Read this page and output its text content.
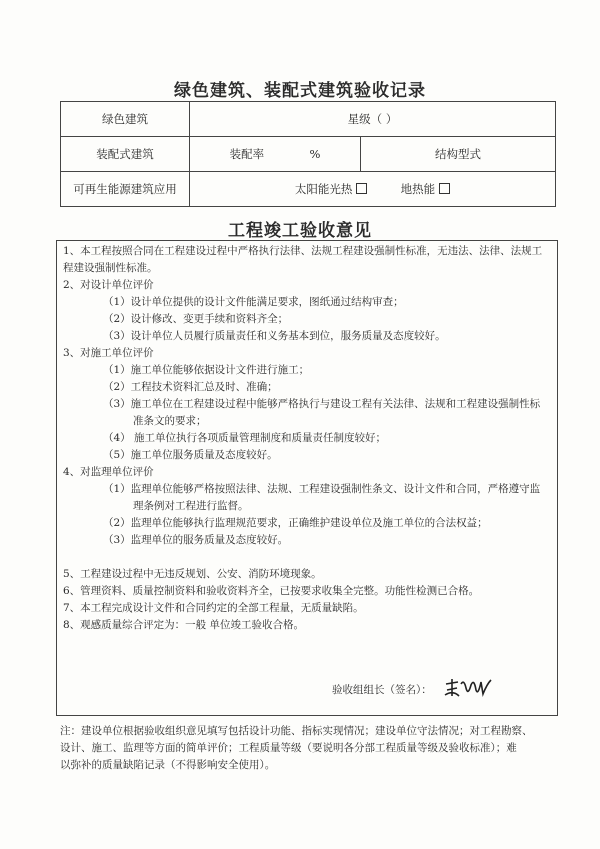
绿色建筑、装配式建筑验收记录
绿色建筑	星级（ ）	
装配式建筑	装配率 %	结构型式
可再生能源建筑应用	太阳能光热 地热能	
工程竣工验收意见
1、本工程按照合同在工程建设过程中严格执行法律、法规工程建设强制性标准，无违法、法律、法规工
程建设强制性标准。
2、对设计单位评价
（1）设计单位提供的设计文件能满足要求，图纸通过结构审查；
（2）设计修改、变更手续和资料齐全；
（3）设计单位人员履行质量责任和义务基本到位，服务质量及态度较好。
3、对施工单位评价
（1）施工单位能够依据设计文件进行施工；
（2）工程技术资料汇总及时、准确；
（3）施工单位在工程建设过程中能够严格执行与建设工程有关法律、法规和工程建设强制性标
准条文的要求；
（4） 施工单位执行各项质量管理制度和质量责任制度较好；
（5）施工单位服务质量及态度较好。
4、对监理单位评价
（1）监理单位能够严格按照法律、法规、工程建设强制性条文、设计文件和合同，严格遵守监
理条例对工程进行监督。
（2）监理单位能够执行监理规范要求，正确维护建设单位及施工单位的合法权益；
（3）监理单位的服务质量及态度较好。
5、工程建设过程中无违反规划、公安、消防环境现象。
6、管理资料、质量控制资料和验收资料齐全，已按要求收集全完整。功能性检测已合格。
7、本工程完成设计文件和合同约定的全部工程量，无质量缺陷。
8、观感质量综合评定为：一般 单位竣工验收合格。
验收组组长（签名）：
注：建设单位根据验收组织意见填写包括设计功能、指标实现情况；建设单位守法情况；对工程勘察、
设计、施工、监理等方面的简单评价；工程质量等级（要说明各分部工程质量等级及验收标准）；难
以弥补的质量缺陷记录（不得影响安全使用）。
